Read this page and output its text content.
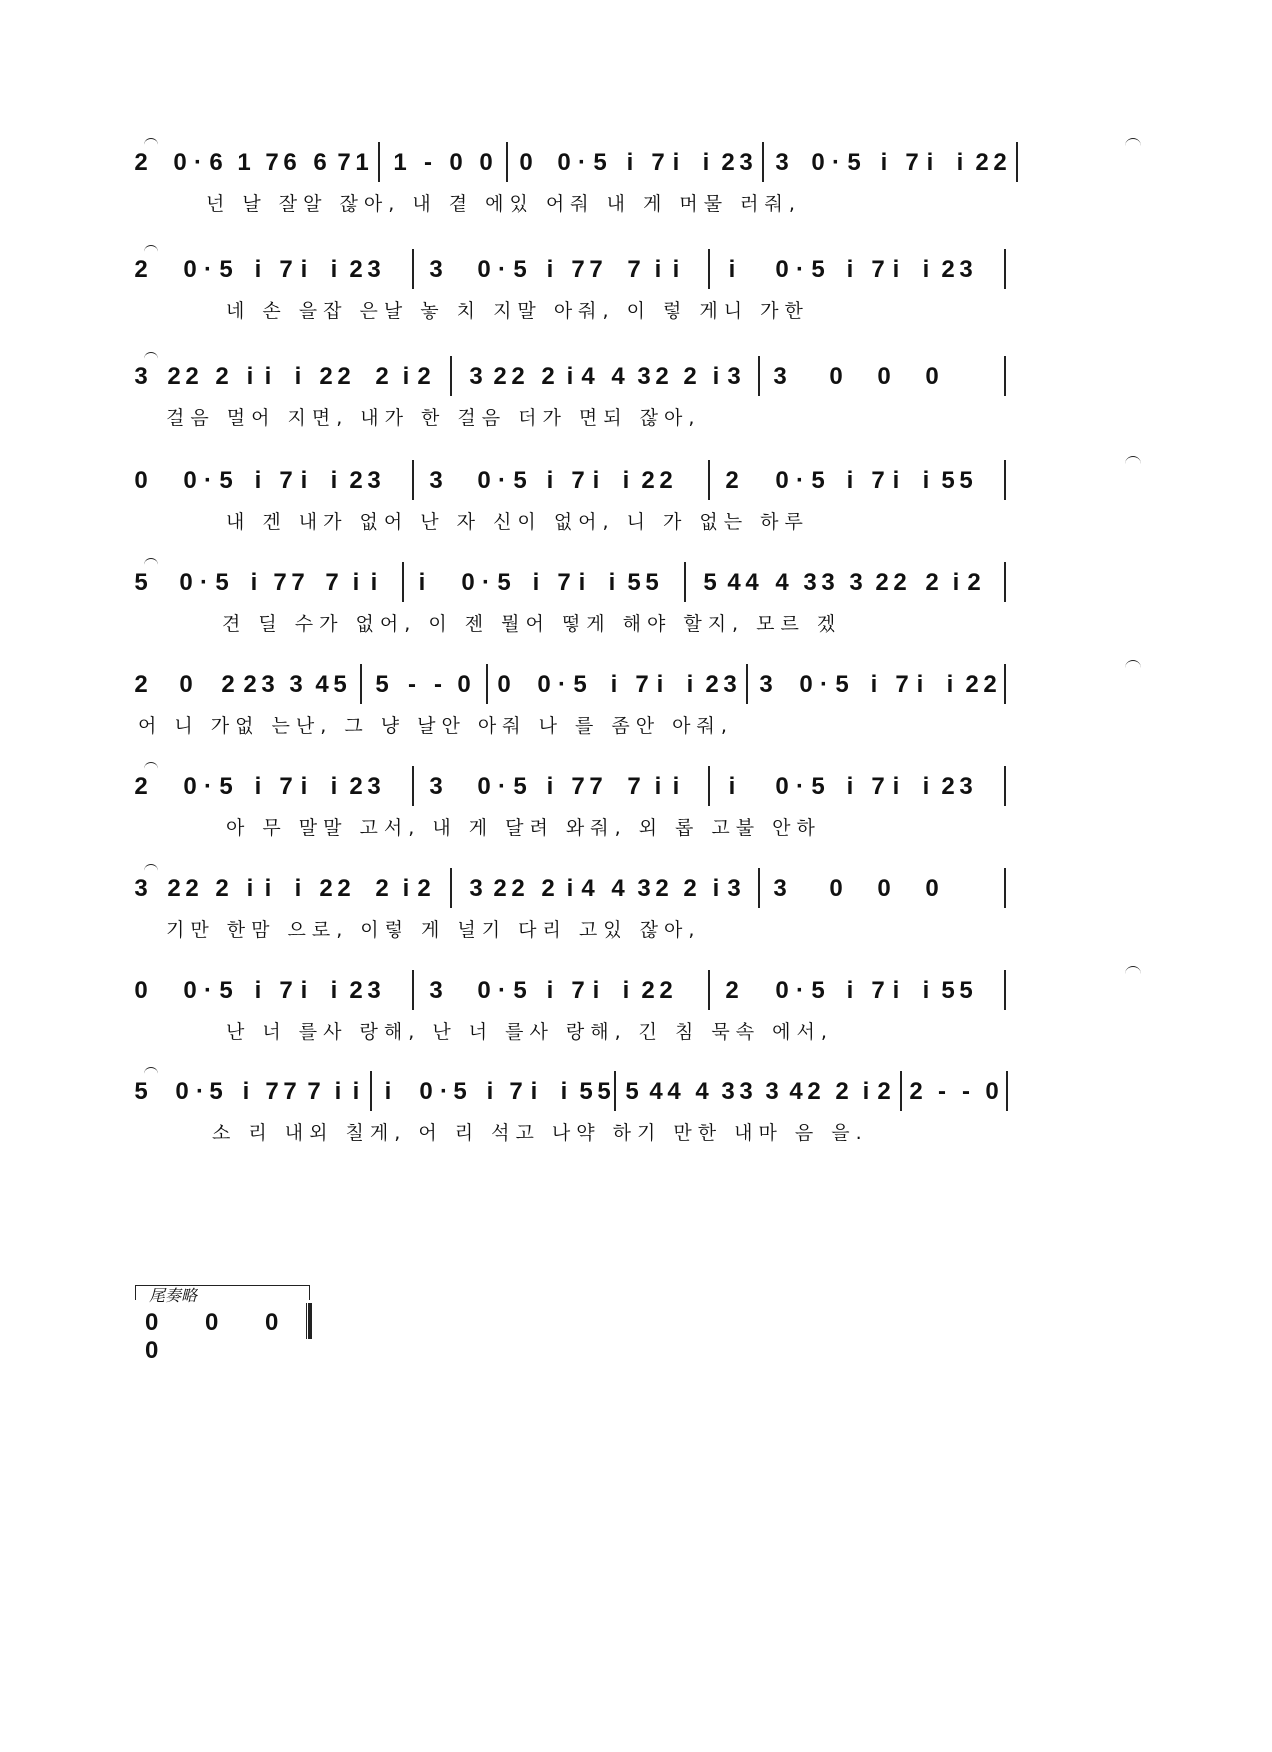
2 0 · 6 1 7 6 6 7 1 1 - 0 0 0 0 · 5 i 7 i i 2 3 3 0 · 5 i 7 i i 2 2
넌 날 잘알 잖아, 내 곁 에있 어줘 내 게 머물 러줘,
2 0 · 5 i 7 i i 2 3 3 0 · 5 i 7 7 7 i i	i	0 · 5 i 7 i i 2 3
네 손 을잡 은날 놓 치 지말 아줘, 이 렇 게니 가한
3 2 2 2 i i i 2 2 2 i 2 3 2 2 2 i 4 4 3 2 2 i 3 3 0 0 0
걸음 멀어 지면, 내가 한 걸음 더가 면되 잖아,
0 0 · 5 i 7 i i 2 3 3 0 · 5 i 7 i i 2 2 2 0 · 5 i 7 i i 5 5
내 겐 내가 없어 난 자 신이 없어, 니 가 없는 하루
5 0 · 5 i 7 7 7 i i	i	0 · 5 i 7 i i 5 5 5 4 4 4 3 3 3 2 2 2 i 2
견 딜 수가 없어, 이 젠 뭘어 떻게 해야 할지, 모르 겠
2 0 2 2 3 3 4 5 5 - - 0 0 0 · 5 i 7 i i 2 3 3 0 · 5 i 7 i i 2 2
어 니 가없 는난, 그 냥 날안 아줘 나 를 좀안 아줘,
2 0 · 5 i 7 i i 2 3 3 0 · 5 i 7 7 7 i i	i	0 · 5 i 7 i i 2 3
아 무 말말 고서, 내 게 달려 와줘, 외 롭 고불 안하
3 2 2 2 i i i 2 2 2 i 2 3 2 2 2 i 4 4 3 2 2 i 3 3 0 0 0
기만 한맘 으로, 이렇 게 널기 다리 고있 잖아,
0 0 · 5 i 7 i i 2 3 3 0 · 5 i 7 i i 2 2 2 0 · 5 i 7 i i 5 5
난 너 를사 랑해, 난 너 를사 랑해, 긴 침 묵속 에서,
5 0 · 5 i 7 7 7 i i	i	0 · 5 i 7 i i 5 5 5 4 4 4 3 3 3 4 2 2 i 2 2 - - 0
소 리 내외 칠게, 어 리 석고 나약 하기 만한 내마 음 을.
尾奏略
0 0 0 0
